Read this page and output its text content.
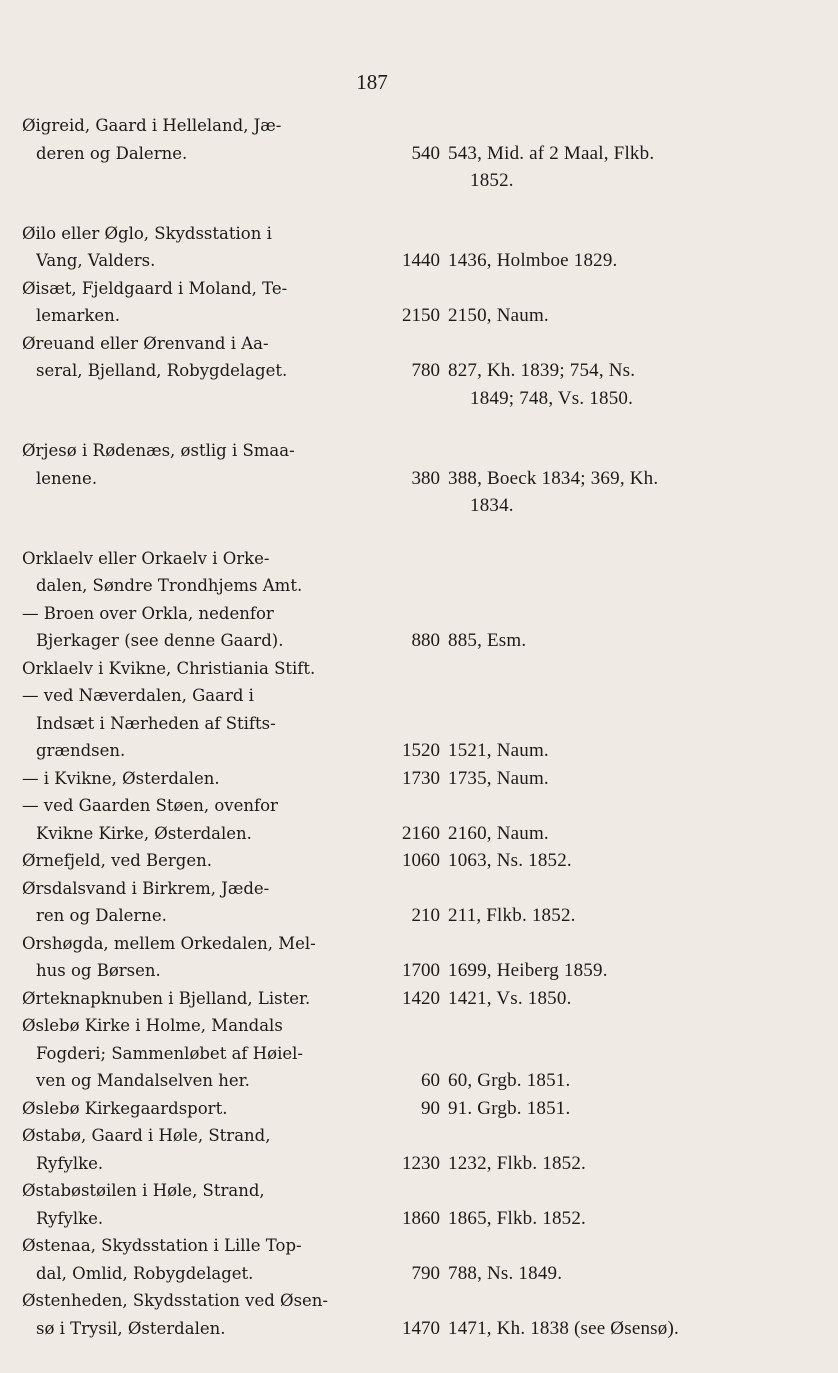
187
Øigreid, Gaard i Helleland, Jæ-
deren og Dalerne.	540 543, Mid. af 2 Maal, Flkb.
1852.
Øilo eller Øglo, Skydsstation i
Vang, Valders.	1440 1436, Holmboe 1829.
Øisæt, Fjeldgaard i Moland, Te-
lemarken.	2150 2150, Naum.
Øreuand eller Ørenvand i Aa-
seral, Bjelland, Robygdelaget.	780 827, Kh. 1839; 754, Ns.
1849; 748, Vs. 1850.
Ørjesø i Rødenæs, østlig i Smaa-
lenene.	380 388, Boeck 1834; 369, Kh.
1834.
Orklaelv eller Orkaelv i Orke-
dalen, Søndre Trondhjems Amt.
— Broen over Orkla, nedenfor
Bjerkager (see denne Gaard).	880 885, Esm.
Orklaelv i Kvikne, Christiania Stift.
— ved Næverdalen, Gaard i
Indsæt i Nærheden af Stifts-
grændsen.	1520 1521, Naum.
— i Kvikne, Østerdalen.	1730 1735, Naum.
— ved Gaarden Støen, ovenfor
Kvikne Kirke, Østerdalen.	2160 2160, Naum.
Ørnefjeld, ved Bergen.	1060 1063, Ns. 1852.
Ørsdalsvand i Birkrem, Jæde-
ren og Dalerne.	210 211, Flkb. 1852.
Orshøgda, mellem Orkedalen, Mel-
hus og Børsen.	1700 1699, Heiberg 1859.
Ørteknapknuben i Bjelland, Lister.	1420 1421, Vs. 1850.
Øslebø Kirke i Holme, Mandals
Fogderi; Sammenløbet af Høiel-
ven og Mandalselven her.	60 60, Grgb. 1851.
Øslebø Kirkegaardsport.	90 91. Grgb. 1851.
Østabø, Gaard i Høle, Strand,
Ryfylke.	1230 1232, Flkb. 1852.
Østabøstøilen i Høle, Strand,
Ryfylke.	1860 1865, Flkb. 1852.
Østenaa, Skydsstation i Lille Top-
dal, Omlid, Robygdelaget.	790 788, Ns. 1849.
Østenheden, Skydsstation ved Øsen-
sø i Trysil, Østerdalen.	1470 1471, Kh. 1838 (see Øsensø).
